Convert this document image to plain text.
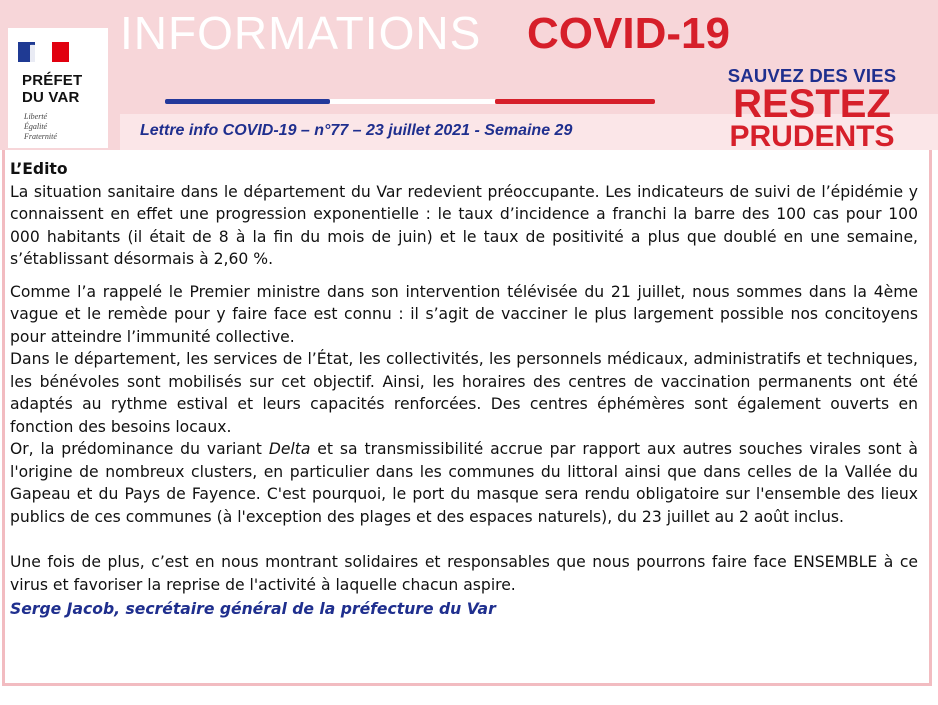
PRÉFET
DU VAR
Liberté
Égalité
Fraternité
INFORMATIONS COVID-19
Lettre info COVID-19 – n°77 – 23 juillet 2021 - Semaine 29
SAUVEZ DES VIES
RESTEZ
PRUDENTS

L’Edito

La situation sanitaire dans le département du Var redevient préoccupante. Les indicateurs de suivi de l’épidémie y connaissent en effet une progression exponentielle : le taux d’incidence a franchi la barre des 100 cas pour 100 000 habitants (il était de 8 à la fin du mois de juin) et le taux de positivité a plus que doublé en une semaine, s’établissant désormais à 2,60 %.

Comme l’a rappelé le Premier ministre dans son intervention télévisée du 21 juillet, nous sommes dans la 4ème vague et le remède pour y faire face est connu : il s’agit de vacciner le plus largement possible nos concitoyens pour atteindre l’immunité collective.

Dans le département, les services de l’État, les collectivités, les personnels médicaux, administratifs et techniques, les bénévoles sont mobilisés sur cet objectif. Ainsi, les horaires des centres de vaccination permanents ont été adaptés au rythme estival et leurs capacités renforcées. Des centres éphémères sont également ouverts en fonction des besoins locaux.

Or, la prédominance du variant Delta et sa transmissibilité accrue par rapport aux autres souches virales sont à l'origine de nombreux clusters, en particulier dans les communes du littoral ainsi que dans celles de la Vallée du Gapeau et du Pays de Fayence. C'est pourquoi, le port du masque sera rendu obligatoire sur l'ensemble des lieux publics de ces communes (à l'exception des plages et des espaces naturels), du 23 juillet au 2 août inclus.

Une fois de plus, c’est en nous montrant solidaires et responsables que nous pourrons faire face ENSEMBLE à ce virus et favoriser la reprise de l'activité à laquelle chacun aspire.

Serge Jacob, secrétaire général de la préfecture du Var
